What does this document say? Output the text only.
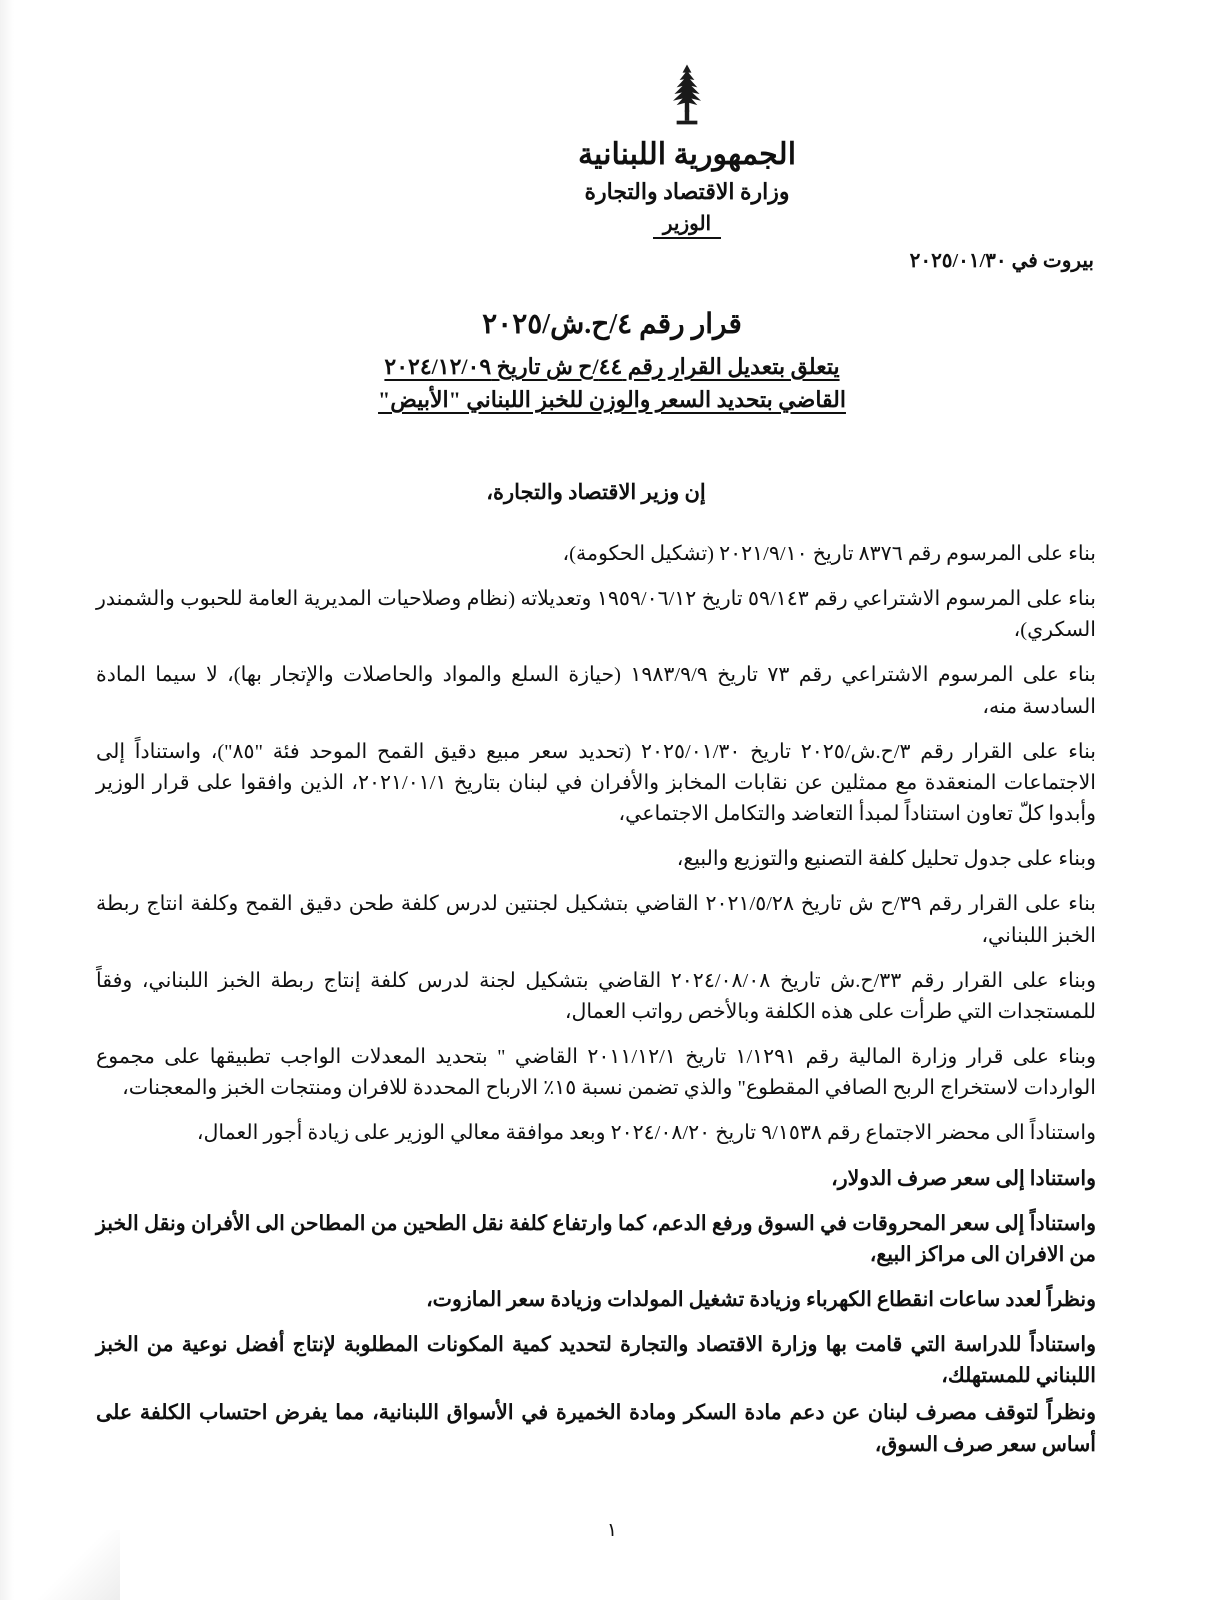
الجمهورية اللبنانية
وزارة الاقتصاد والتجارة
الوزير
بيروت في ٢٠٢٥/٠١/٣٠
قرار رقم ٤/ح.ش/٢٠٢٥
يتعلق بتعديل القرار رقم ٤٤/ح ش تاريخ ٢٠٢٤/١٢/٠٩
القاضي بتحديد السعر والوزن للخبز اللبناني "الأبيض"
إن وزير الاقتصاد والتجارة،

بناء على المرسوم رقم ٨٣٧٦ تاريخ ٢٠٢١/٩/١٠ (تشكيل الحكومة)،

بناء على المرسوم الاشتراعي رقم ٥٩/١٤٣ تاريخ ١٩٥٩/٠٦/١٢ وتعديلاته (نظام وصلاحيات المديرية العامة للحبوب والشمندر السكري)،

بناء على المرسوم الاشتراعي رقم ٧٣ تاريخ ١٩٨٣/٩/٩ (حيازة السلع والمواد والحاصلات والإتجار بها)، لا سيما المادة السادسة منه،

بناء على القرار رقم ٣/ح.ش/٢٠٢٥ تاريخ ٢٠٢٥/٠١/٣٠ (تحديد سعر مبيع دقيق القمح الموحد فئة "٨٥")، واستناداً إلى الاجتماعات المنعقدة مع ممثلين عن نقابات المخابز والأفران في لبنان بتاريخ ٢٠٢١/٠١/١، الذين وافقوا على قرار الوزير وأبدوا كلّ تعاون استناداً لمبدأ التعاضد والتكامل الاجتماعي،

وبناء على جدول تحليل كلفة التصنيع والتوزيع والبيع،

بناء على القرار رقم ٣٩/ح ش تاريخ ٢٠٢١/٥/٢٨ القاضي بتشكيل لجنتين لدرس كلفة طحن دقيق القمح وكلفة انتاج ربطة الخبز اللبناني،

وبناء على القرار رقم ٣٣/ح.ش تاريخ ٢٠٢٤/٠٨/٠٨ القاضي بتشكيل لجنة لدرس كلفة إنتاج ربطة الخبز اللبناني، وفقاً للمستجدات التي طرأت على هذه الكلفة وبالأخص رواتب العمال،

وبناء على قرار وزارة المالية رقم ١/١٢٩١ تاريخ ٢٠١١/١٢/١ القاضي " بتحديد المعدلات الواجب تطبيقها على مجموع الواردات لاستخراج الربح الصافي المقطوع" والذي تضمن نسبة ١٥٪ الارباح المحددة للافران ومنتجات الخبز والمعجنات،

واستناداً الى محضر الاجتماع رقم ٩/١٥٣٨ تاريخ ٢٠٢٤/٠٨/٢٠ وبعد موافقة معالي الوزير على زيادة أجور العمال،

واستنادا إلى سعر صرف الدولار،

واستناداً إلى سعر المحروقات في السوق ورفع الدعم، كما وارتفاع كلفة نقل الطحين من المطاحن الى الأفران ونقل الخبز من الافران الى مراكز البيع،

ونظراً لعدد ساعات انقطاع الكهرباء وزيادة تشغيل المولدات وزيادة سعر المازوت،

واستناداً للدراسة التي قامت بها وزارة الاقتصاد والتجارة لتحديد كمية المكونات المطلوبة لإنتاج أفضل نوعية من الخبز اللبناني للمستهلك،

ونظراً لتوقف مصرف لبنان عن دعم مادة السكر ومادة الخميرة في الأسواق اللبنانية، مما يفرض احتساب الكلفة على أساس سعر صرف السوق،

١
